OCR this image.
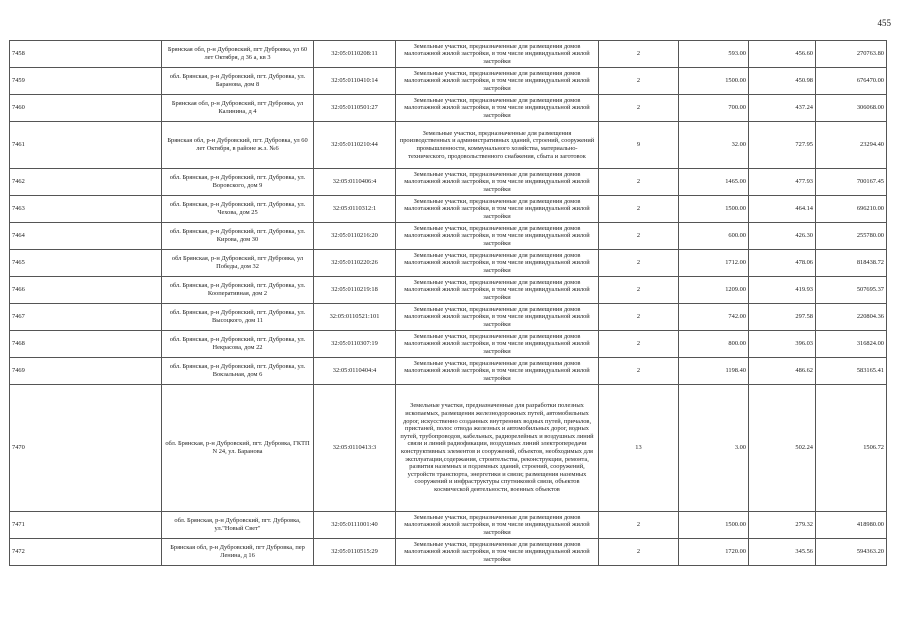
455
7458	Брянская обл, р-н Дубровский, пгт Дубровка, ул 60 лет Октября, д 36 а, кв 3	32:05:0110208:11	Земельные участки, предназначенные для размещения домов малоэтажной жилой застройки, в том числе индивидуальной жилой застройки	2	593.00	456.60	270763.80
7459	обл. Брянская, р-н Дубровский, пгт. Дубровка, ул. Баранова, дом 8	32:05:0110410:14	Земельные участки, предназначенные для размещения домов малоэтажной жилой застройки, в том числе индивидуальной жилой застройки	2	1500.00	450.98	676470.00
7460	Брянская обл, р-н Дубровский, пгт Дубровка, ул Калинина, д 4	32:05:0110501:27	Земельные участки, предназначенные для размещения домов малоэтажной жилой застройки, в том числе индивидуальной жилой застройки	2	700.00	437.24	306068.00
7461	Брянская обл, р-н Дубровский, пгт. Дубровка, ул 60 лет Октября, в районе ж.з. №6	32:05:0110210:44	Земельные участки, предназначенные для размещения производственных и административных зданий, строений, сооружений промышленности, коммунального хозяйства, материально-технического, продовольственного снабжения, сбыта и заготовок	9	32.00	727.95	23294.40
7462	обл. Брянская, р-н Дубровский, пгт. Дубровка, ул. Воровского, дом 9	32:05:0110406:4	Земельные участки, предназначенные для размещения домов малоэтажной жилой застройки, в том числе индивидуальной жилой застройки	2	1465.00	477.93	700167.45
7463	обл. Брянская, р-н Дубровский, пгт. Дубровка, ул. Чехова, дом 25	32:05:0110312:1	Земельные участки, предназначенные для размещения домов малоэтажной жилой застройки, в том числе индивидуальной жилой застройки	2	1500.00	464.14	696210.00
7464	обл. Брянская, р-н Дубровский, пгт. Дубровка, ул. Кирова, дом 30	32:05:0110216:20	Земельные участки, предназначенные для размещения домов малоэтажной жилой застройки, в том числе индивидуальной жилой застройки	2	600.00	426.30	255780.00
7465	обл Брянская, р-н Дубровский, пгт Дубровка, ул Победы, дом 32	32:05:0110220:26	Земельные участки, предназначенные для размещения домов малоэтажной жилой застройки, в том числе индивидуальной жилой застройки	2	1712.00	478.06	818438.72
7466	обл. Брянская, р-н Дубровский, пгт. Дубровка, ул. Кооперативная, дом 2	32:05:0110219:18	Земельные участки, предназначенные для размещения домов малоэтажной жилой застройки, в том числе индивидуальной жилой застройки	2	1209.00	419.93	507695.37
7467	обл. Брянская, р-н Дубровский, пгт. Дубровка, ул. Высоцкого, дом 11	32:05:0110521:101	Земельные участки, предназначенные для размещения домов малоэтажной жилой застройки, в том числе индивидуальной жилой застройки	2	742.00	297.58	220804.36
7468	обл. Брянская, р-н Дубровский, пгт. Дубровка, ул. Некрасова, дом 22	32:05:0110307:19	Земельные участки, предназначенные для размещения домов малоэтажной жилой застройки, в том числе индивидуальной жилой застройки	2	800.00	396.03	316824.00
7469	обл. Брянская, р-н Дубровский, пгт. Дубровка, ул. Вокзальная, дом 6	32:05:0110404:4	Земельные участки, предназначенные для размещения домов малоэтажной жилой застройки, в том числе индивидуальной жилой застройки	2	1198.40	486.62	583165.41
7470	обл. Брянская, р-н Дубровский, пгт. Дубровка, ГКТП N 24, ул. Баранова	32:05:0110413:3	Земельные участки, предназначенные для разработки полезных ископаемых, размещения железнодорожных путей, автомобильных дорог, искусственно созданных внутренних водных путей, причалов, пристаней, полос отвода железных и автомобильных дорог, водных путей, трубопроводов, кабельных, радиорелейных и воздушных линий связи и линий радиофикации, воздушных линий электропередачи конструктивных элементов и сооружений, объектов, необходимых для эксплуатации,содержания, строительства, реконструкции, ремонта, развития наземных и подземных зданий, строений, сооружений, устройств транспорта, энергетики и связи; размещения наземных сооружений и инфраструктуры спутниковой связи, объектов космической деятельности, военных объектов	13	3.00	502.24	1506.72
7471	обл. Брянская, р-н Дубровский, пгт. Дубровка, ул."Новый Свет"	32:05:0111001:40	Земельные участки, предназначенные для размещения домов малоэтажной жилой застройки, в том числе индивидуальной жилой застройки	2	1500.00	279.32	418980.00
7472	Брянская обл, р-н Дубровский, пгт Дубровка, пер Ленина, д 16	32:05:0110515:29	Земельные участки, предназначенные для размещения домов малоэтажной жилой застройки, в том числе индивидуальной жилой застройки	2	1720.00	345.56	594363.20
